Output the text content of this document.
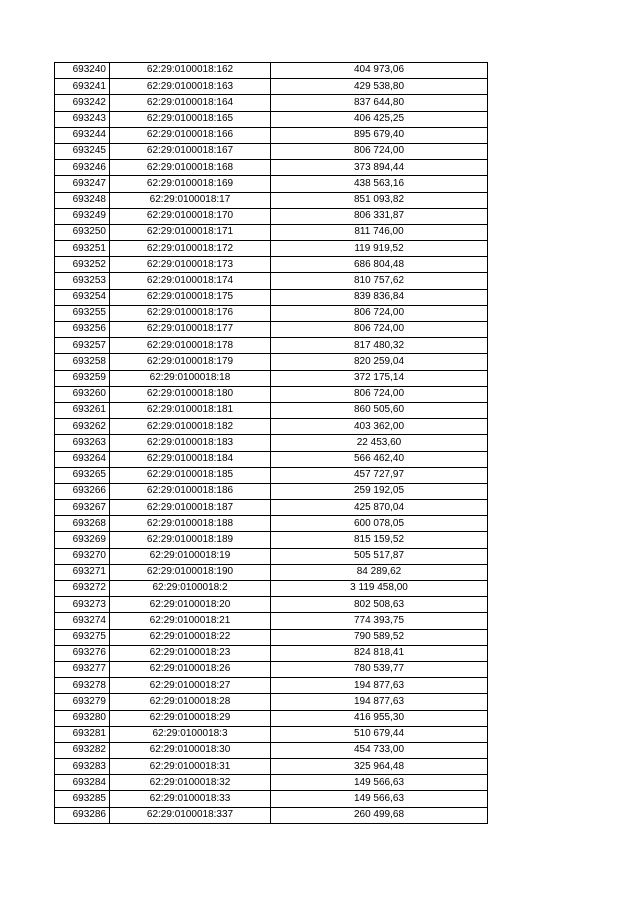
693240	62:29:0100018:162	404 973,06
693241	62:29:0100018:163	429 538,80
693242	62:29:0100018:164	837 644,80
693243	62:29:0100018:165	406 425,25
693244	62:29:0100018:166	895 679,40
693245	62:29:0100018:167	806 724,00
693246	62:29:0100018:168	373 894,44
693247	62:29:0100018:169	438 563,16
693248	62:29:0100018:17	851 093,82
693249	62:29:0100018:170	806 331,87
693250	62:29:0100018:171	811 746,00
693251	62:29:0100018:172	119 919,52
693252	62:29:0100018:173	686 804,48
693253	62:29:0100018:174	810 757,62
693254	62:29:0100018:175	839 836,84
693255	62:29:0100018:176	806 724,00
693256	62:29:0100018:177	806 724,00
693257	62:29:0100018:178	817 480,32
693258	62:29:0100018:179	820 259,04
693259	62:29:0100018:18	372 175,14
693260	62:29:0100018:180	806 724,00
693261	62:29:0100018:181	860 505,60
693262	62:29:0100018:182	403 362,00
693263	62:29:0100018:183	22 453,60
693264	62:29:0100018:184	566 462,40
693265	62:29:0100018:185	457 727,97
693266	62:29:0100018:186	259 192,05
693267	62:29:0100018:187	425 870,04
693268	62:29:0100018:188	600 078,05
693269	62:29:0100018:189	815 159,52
693270	62:29:0100018:19	505 517,87
693271	62:29:0100018:190	84 289,62
693272	62:29:0100018:2	3 119 458,00
693273	62:29:0100018:20	802 508,63
693274	62:29:0100018:21	774 393,75
693275	62:29:0100018:22	790 589,52
693276	62:29:0100018:23	824 818,41
693277	62:29:0100018:26	780 539,77
693278	62:29:0100018:27	194 877,63
693279	62:29:0100018:28	194 877,63
693280	62:29:0100018:29	416 955,30
693281	62:29:0100018:3	510 679,44
693282	62:29:0100018:30	454 733,00
693283	62:29:0100018:31	325 964,48
693284	62:29:0100018:32	149 566,63
693285	62:29:0100018:33	149 566,63
693286	62:29:0100018:337	260 499,68
